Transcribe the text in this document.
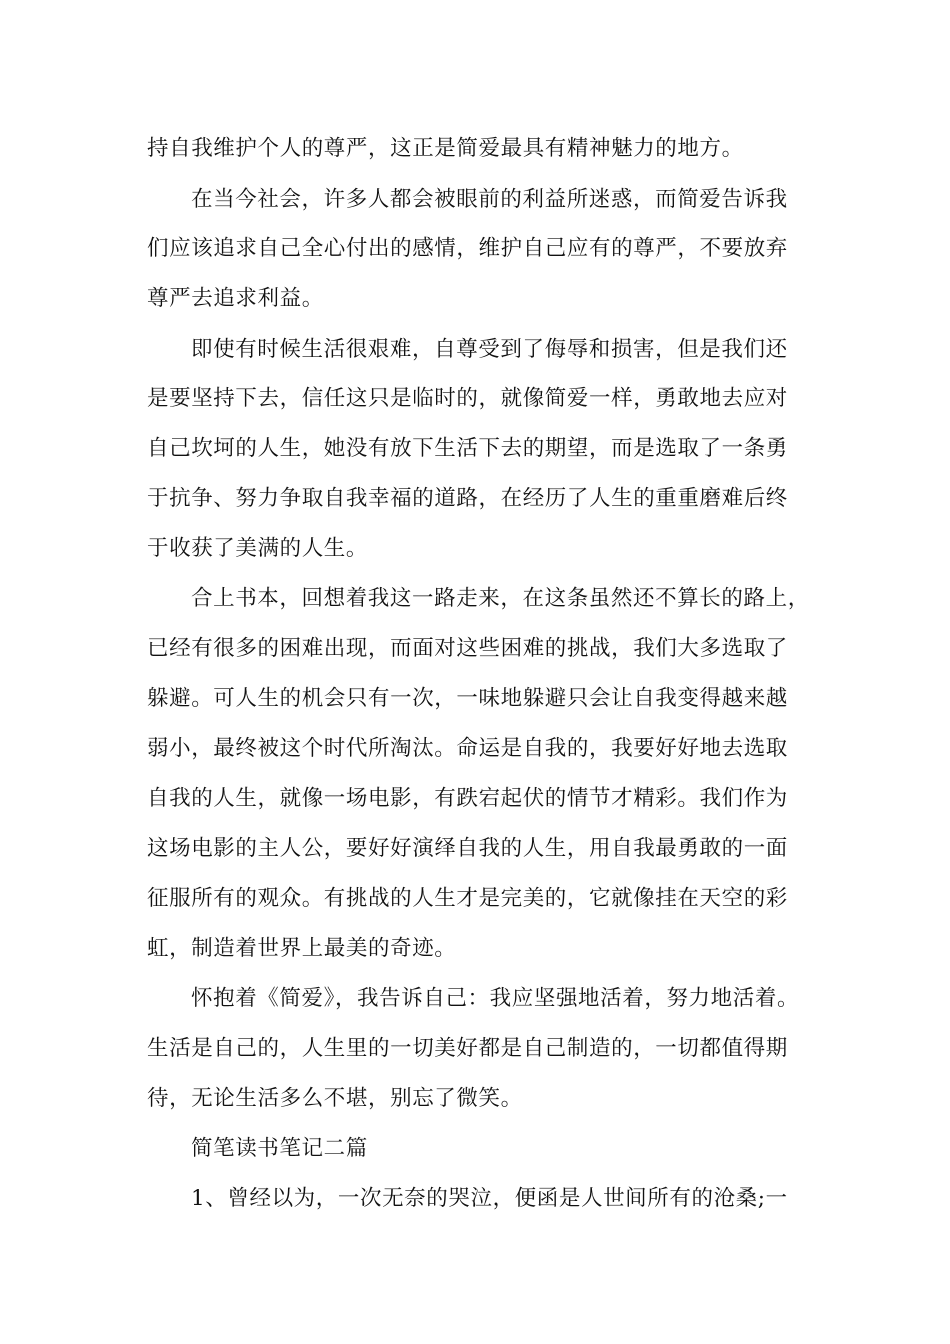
持自我维护个人的尊严，这正是简爱最具有精神魅力的地方。
在当今社会，许多人都会被眼前的利益所迷惑，而简爱告诉我
们应该追求自己全心付出的感情，维护自己应有的尊严，不要放弃
尊严去追求利益。
即使有时候生活很艰难，自尊受到了侮辱和损害，但是我们还
是要坚持下去，信任这只是临时的，就像简爱一样，勇敢地去应对
自己坎坷的人生，她没有放下生活下去的期望，而是选取了一条勇
于抗争、努力争取自我幸福的道路，在经历了人生的重重磨难后终
于收获了美满的人生。
合上书本，回想着我这一路走来，在这条虽然还不算长的路上，
已经有很多的困难出现，而面对这些困难的挑战，我们大多选取了
躲避。可人生的机会只有一次，一味地躲避只会让自我变得越来越
弱小，最终被这个时代所淘汰。命运是自我的，我要好好地去选取
自我的人生，就像一场电影，有跌宕起伏的情节才精彩。我们作为
这场电影的主人公，要好好演绎自我的人生，用自我最勇敢的一面
征服所有的观众。有挑战的人生才是完美的，它就像挂在天空的彩
虹，制造着世界上最美的奇迹。
怀抱着《简爱》，我告诉自己：我应坚强地活着，努力地活着。
生活是自己的，人生里的一切美好都是自己制造的，一切都值得期
待，无论生活多么不堪，别忘了微笑。
简笔读书笔记二篇
1、曾经以为，一次无奈的哭泣，便函是人世间所有的沧桑;一
